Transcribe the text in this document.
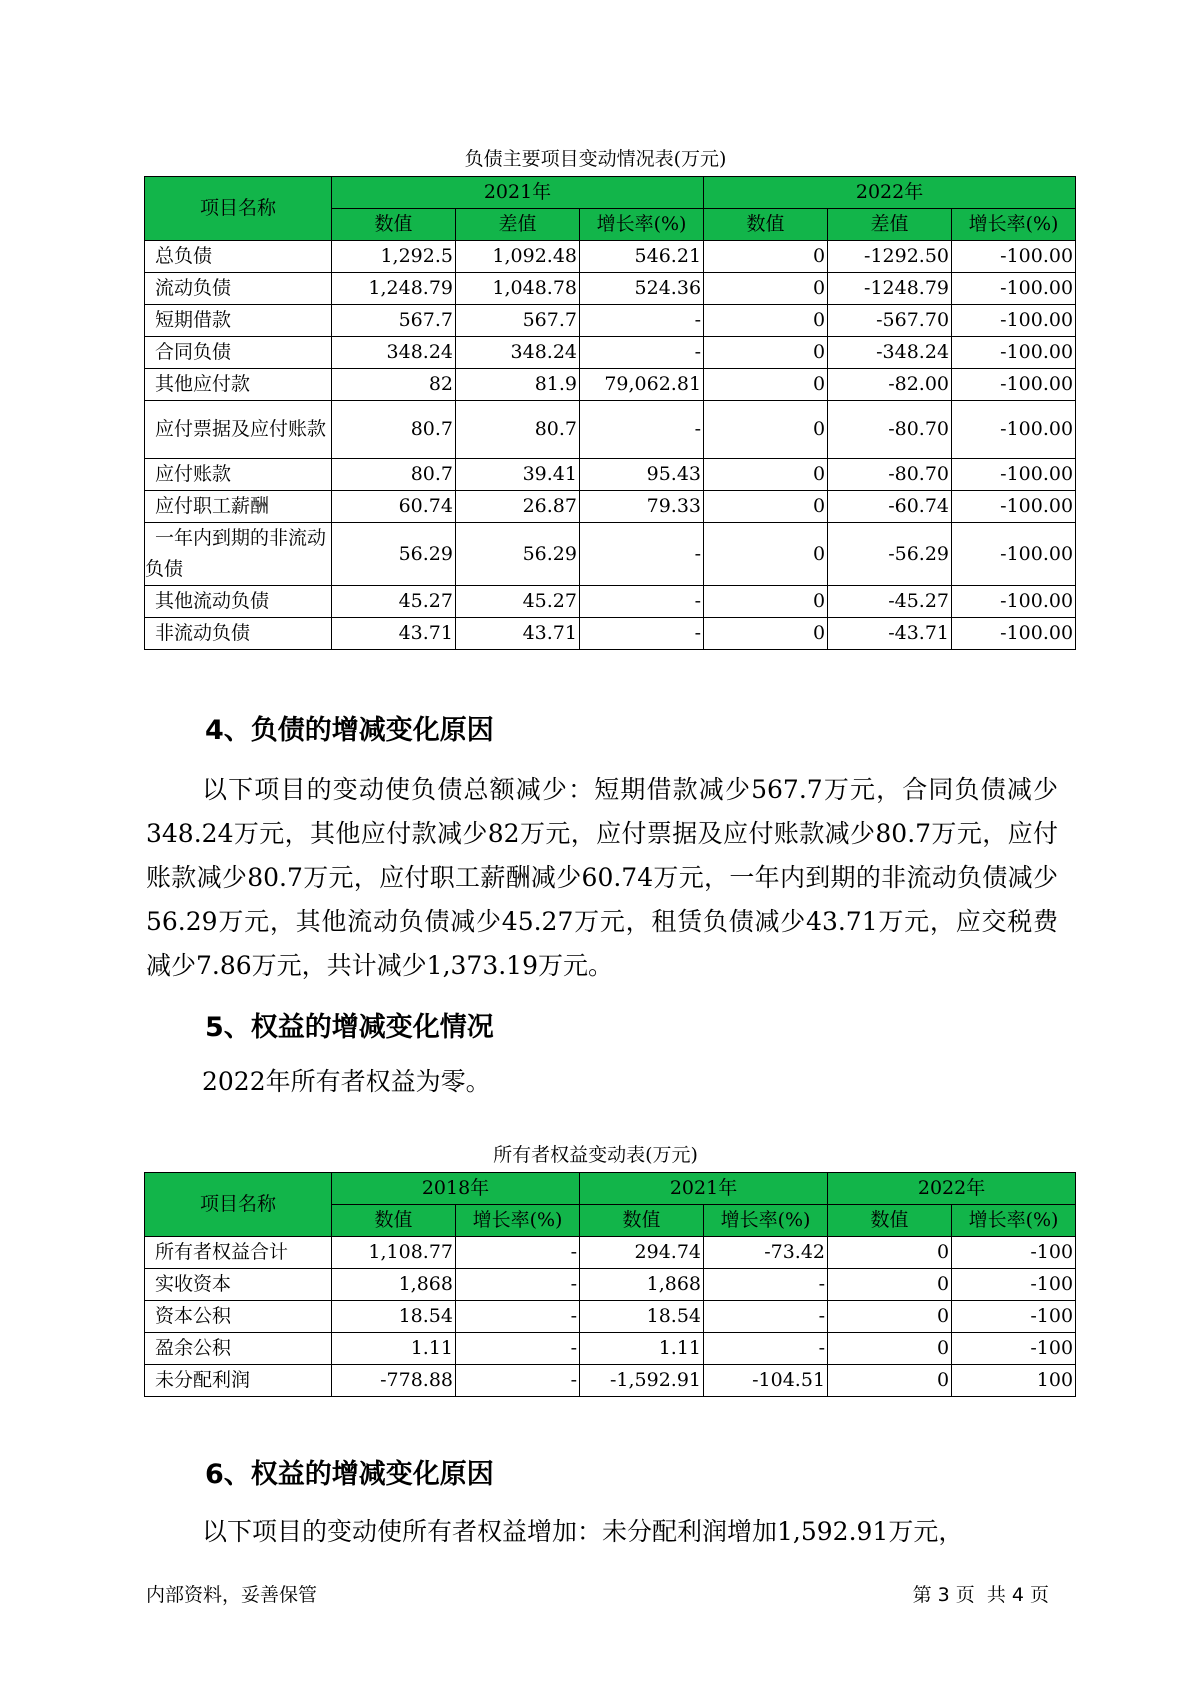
负债主要项目变动情况表(万元)
项目名称	2021年			2022年		
	数值	差值	增长率(%)	数值	差值	增长率(%)
总负债	1,292.5	1,092.48	546.21	0	-1292.50	-100.00
流动负债	1,248.79	1,048.78	524.36	0	-1248.79	-100.00
短期借款	567.7	567.7	-	0	-567.70	-100.00
合同负债	348.24	348.24	-	0	-348.24	-100.00
其他应付款	82	81.9	79,062.81	0	-82.00	-100.00
应付票据及应付账款	80.7	80.7	-	0	-80.70	-100.00
应付账款	80.7	39.41	95.43	0	-80.70	-100.00
应付职工薪酬	60.74	26.87	79.33	0	-60.74	-100.00
一年内到期的非流动负债	56.29	56.29	-	0	-56.29	-100.00
其他流动负债	45.27	45.27	-	0	-45.27	-100.00
非流动负债	43.71	43.71	-	0	-43.71	-100.00
4、负债的增减变化原因

以下项目的变动使负债总额减少：短期借款减少567.7万元，合同负债减少348.24万元，其他应付款减少82万元，应付票据及应付账款减少80.7万元，应付账款减少80.7万元，应付职工薪酬减少60.74万元，一年内到期的非流动负债减少56.29万元，其他流动负债减少45.27万元，租赁负债减少43.71万元，应交税费减少7.86万元，共计减少1,373.19万元。

5、权益的增减变化情况

2022年所有者权益为零。

所有者权益变动表(万元)
项目名称	2018年		2021年		2022年	
	数值	增长率(%)	数值	增长率(%)	数值	增长率(%)
所有者权益合计	1,108.77	-	294.74	-73.42	0	-100
实收资本	1,868	-	1,868	-	0	-100
资本公积	18.54	-	18.54	-	0	-100
盈余公积	1.11	-	1.11	-	0	-100
未分配利润	-778.88	-	-1,592.91	-104.51	0	100
6、权益的增减变化原因

以下项目的变动使所有者权益增加：未分配利润增加1,592.91万元，

内部资料，妥善保管	第 3 页  共 4 页
